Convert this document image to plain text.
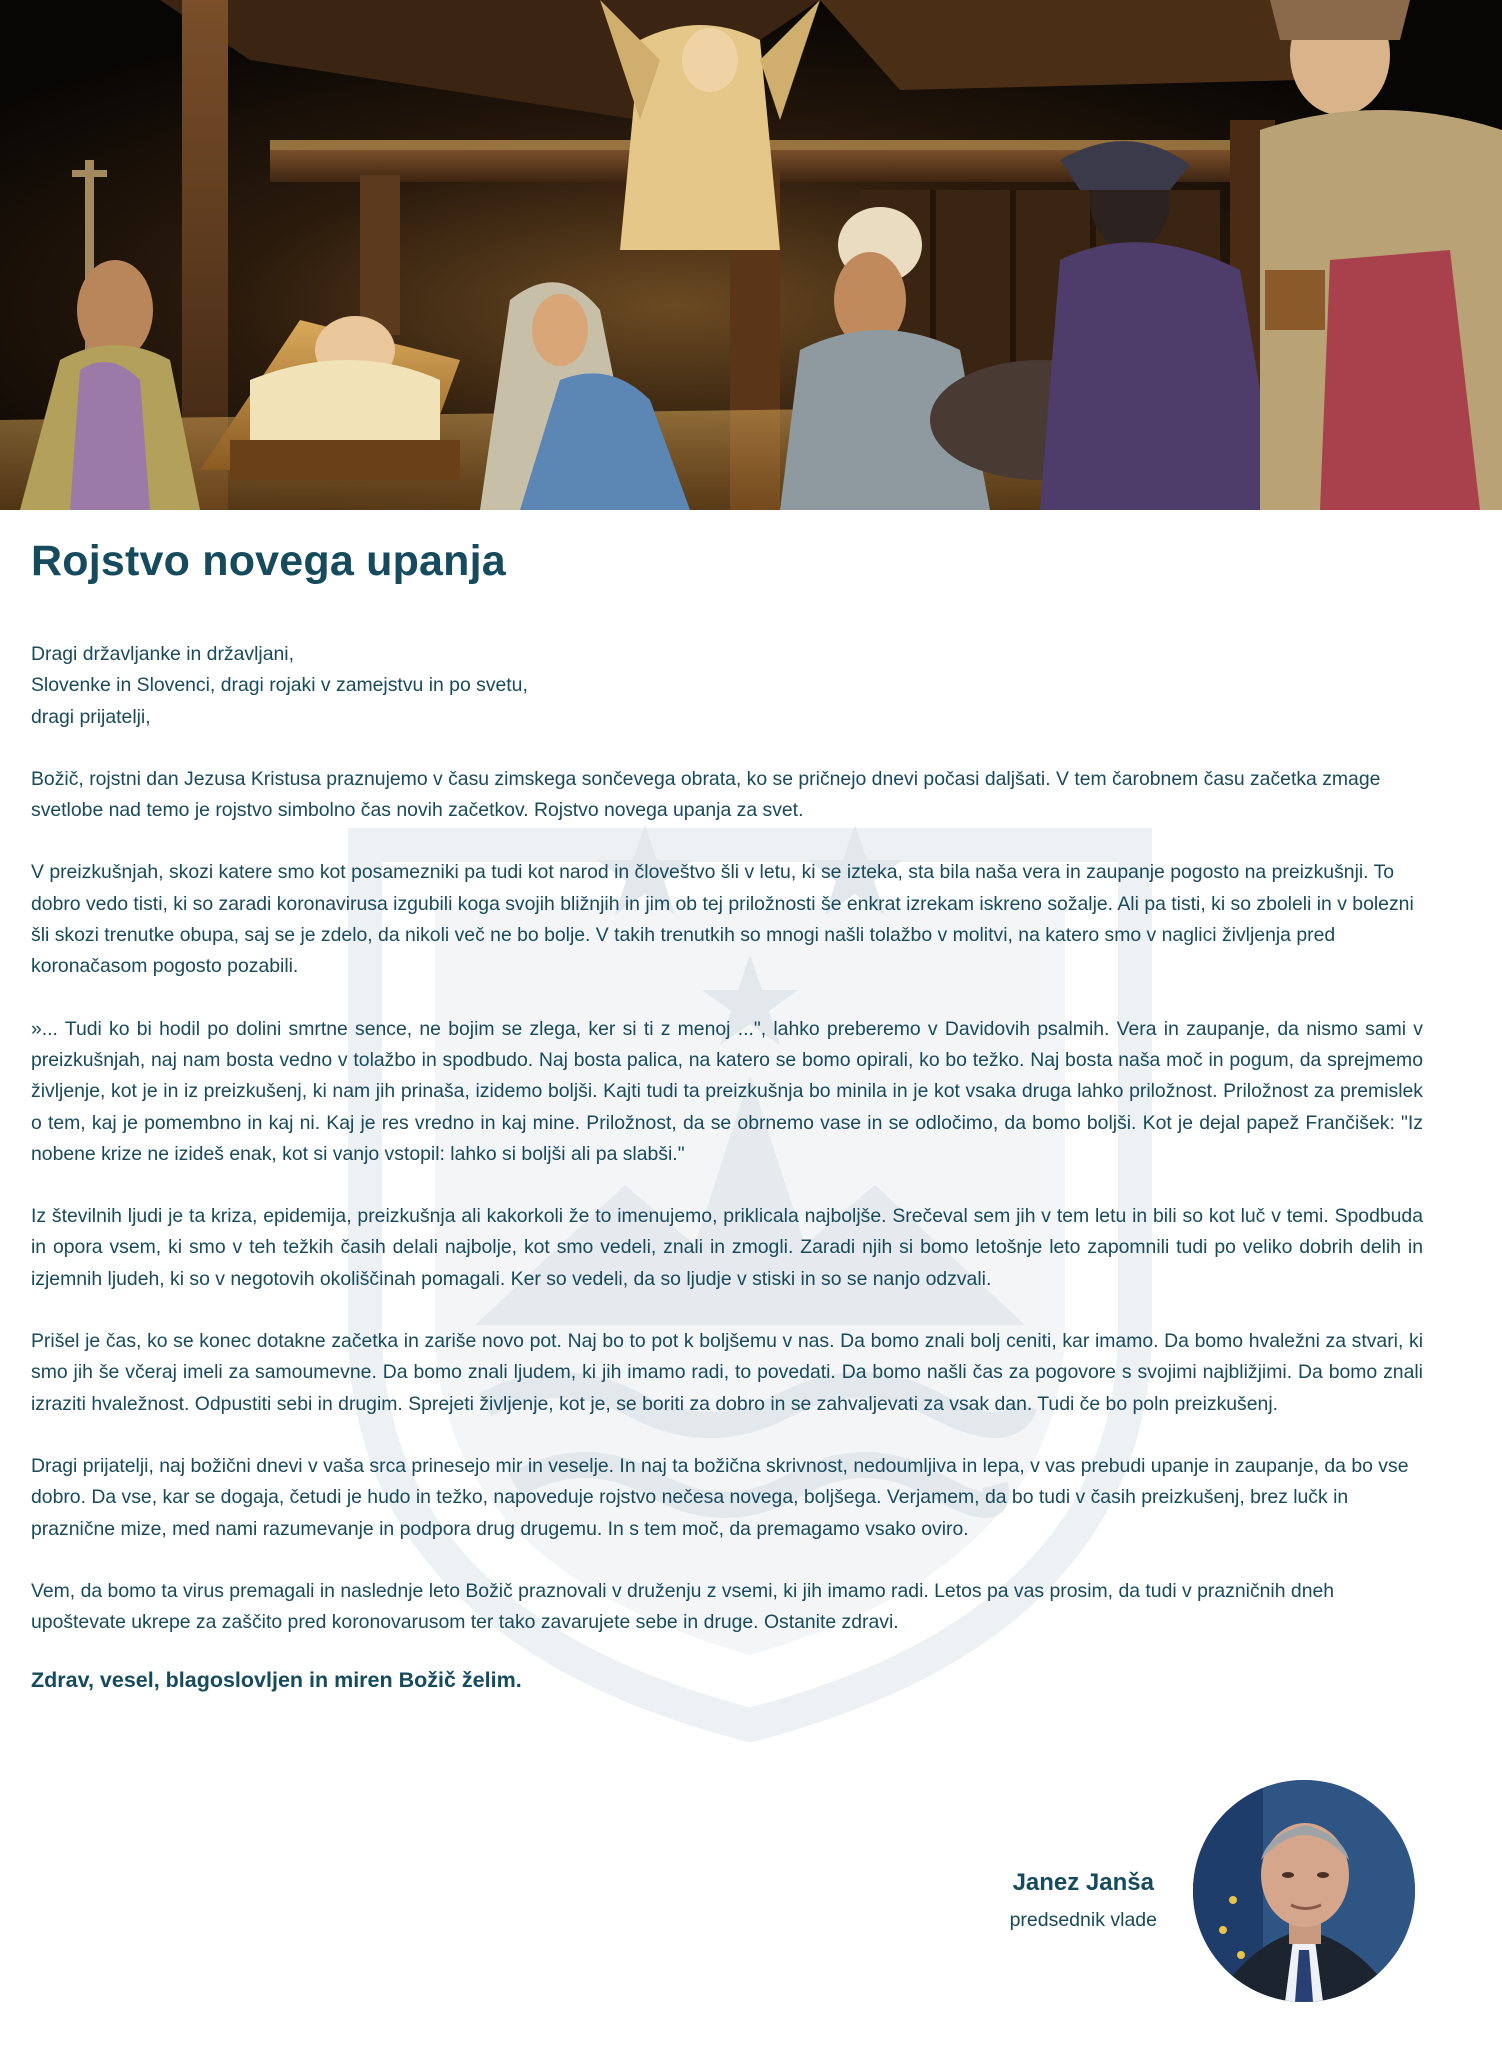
Rojstvo novega upanja
Dragi državljanke in državljani,
Slovenke in Slovenci, dragi rojaki v zamejstvu in po svetu,
dragi prijatelji,

Božič, rojstni dan Jezusa Kristusa praznujemo v času zimskega sončevega obrata, ko se pričnejo dnevi počasi daljšati. V tem čarobnem času začetka zmage svetlobe nad temo je rojstvo simbolno čas novih začetkov. Rojstvo novega upanja za svet.

V preizkušnjah, skozi katere smo kot posamezniki pa tudi kot narod in človeštvo šli v letu, ki se izteka, sta bila naša vera in zaupanje pogosto na preizkušnji. To dobro vedo tisti, ki so zaradi koronavirusa izgubili koga svojih bližnjih in jim ob tej priložnosti še enkrat izrekam iskreno sožalje. Ali pa tisti, ki so zboleli in v bolezni šli skozi trenutke obupa, saj se je zdelo, da nikoli več ne bo bolje. V takih trenutkih so mnogi našli tolažbo v molitvi, na katero smo v naglici življenja pred koronačasom pogosto pozabili.

»... Tudi ko bi hodil po dolini smrtne sence, ne bojim se zlega, ker si ti z menoj ...", lahko preberemo v Davidovih psalmih. Vera in zaupanje, da nismo sami v preizkušnjah, naj nam bosta vedno v tolažbo in spodbudo. Naj bosta palica, na katero se bomo opirali, ko bo težko. Naj bosta naša moč in pogum, da sprejmemo življenje, kot je in iz preizkušenj, ki nam jih prinaša, izidemo boljši. Kajti tudi ta preizkušnja bo minila in je kot vsaka druga lahko priložnost. Priložnost za premislek o tem, kaj je pomembno in kaj ni. Kaj je res vredno in kaj mine. Priložnost, da se obrnemo vase in se odločimo, da bomo boljši. Kot je dejal papež Frančišek: "Iz nobene krize ne izideš enak, kot si vanjo vstopil: lahko si boljši ali pa slabši."

Iz številnih ljudi je ta kriza, epidemija, preizkušnja ali kakorkoli že to imenujemo, priklicala najboljše. Srečeval sem jih v tem letu in bili so kot luč v temi. Spodbuda in opora vsem, ki smo v teh težkih časih delali najbolje, kot smo vedeli, znali in zmogli. Zaradi njih si bomo letošnje leto zapomnili tudi po veliko dobrih delih in izjemnih ljudeh, ki so v negotovih okoliščinah pomagali. Ker so vedeli, da so ljudje v stiski in so se nanjo odzvali.

Prišel je čas, ko se konec dotakne začetka in zariše novo pot. Naj bo to pot k boljšemu v nas. Da bomo znali bolj ceniti, kar imamo. Da bomo hvaležni za stvari, ki smo jih še včeraj imeli za samoumevne. Da bomo znali ljudem, ki jih imamo radi, to povedati. Da bomo našli čas za pogovore s svojimi najbližjimi. Da bomo znali izraziti hvaležnost. Odpustiti sebi in drugim. Sprejeti življenje, kot je, se boriti za dobro in se zahvaljevati za vsak dan. Tudi če bo poln preizkušenj.

Dragi prijatelji, naj božični dnevi v vaša srca prinesejo mir in veselje. In naj ta božična skrivnost, nedoumljiva in lepa, v vas prebudi upanje in zaupanje, da bo vse dobro. Da vse, kar se dogaja, četudi je hudo in težko, napoveduje rojstvo nečesa novega, boljšega. Verjamem, da bo tudi v časih preizkušenj, brez lučk in praznične mize, med nami razumevanje in podpora drug drugemu. In s tem moč, da premagamo vsako oviro.

Vem, da bomo ta virus premagali in naslednje leto Božič praznovali v druženju z vsemi, ki jih imamo radi. Letos pa vas prosim, da tudi v prazničnih dneh upoštevate ukrepe za zaščito pred koronovarusom ter tako zavarujete sebe in druge. Ostanite zdravi.

Zdrav, vesel, blagoslovljen in miren Božič želim.
Janez Janša
predsednik vlade
